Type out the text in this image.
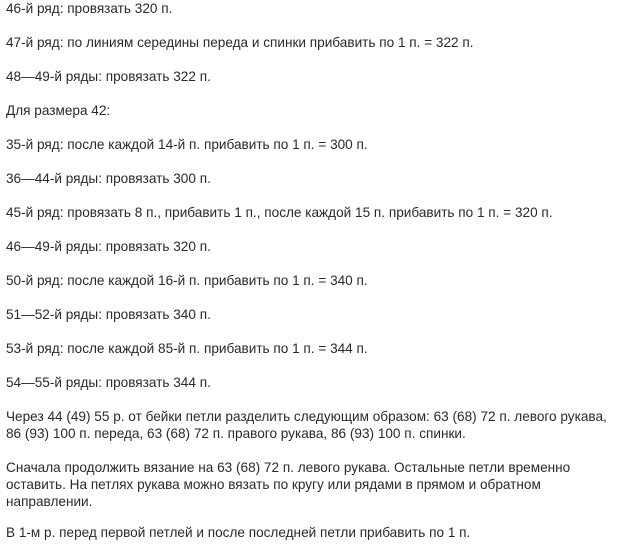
46-й ряд: провязать 320 п.

47-й ряд: по линиям середины переда и спинки прибавить по 1 п. = 322 п.

48—49-й ряды: провязать 322 п.

Для размера 42:

35-й ряд: после каждой 14-й п. прибавить по 1 п. = 300 п.

36—44-й ряды: провязать 300 п.

45-й ряд: провязать 8 п., прибавить 1 п., после каждой 15 п. прибавить по 1 п. = 320 п.

46—49-й ряды: провязать 320 п.

50-й ряд: после каждой 16-й п. прибавить по 1 п. = 340 п.

51—52-й ряды: провязать 340 п.

53-й ряд: после каждой 85-й п. прибавить по 1 п. = 344 п.

54—55-й ряды: провязать 344 п.

Через 44 (49) 55 р. от бейки петли разделить следующим образом: 63 (68) 72 п. левого рукава,
86 (93) 100 п. переда, 63 (68) 72 п. правого рукава, 86 (93) 100 п. спинки.
Сначала продолжить вязание на 63 (68) 72 п. левого рукава. Остальные петли временно
оставить. На петлях рукава можно вязать по кругу или рядами в прямом и обратном
направлении.
В 1-м р. перед первой петлей и после последней петли прибавить по 1 п.
